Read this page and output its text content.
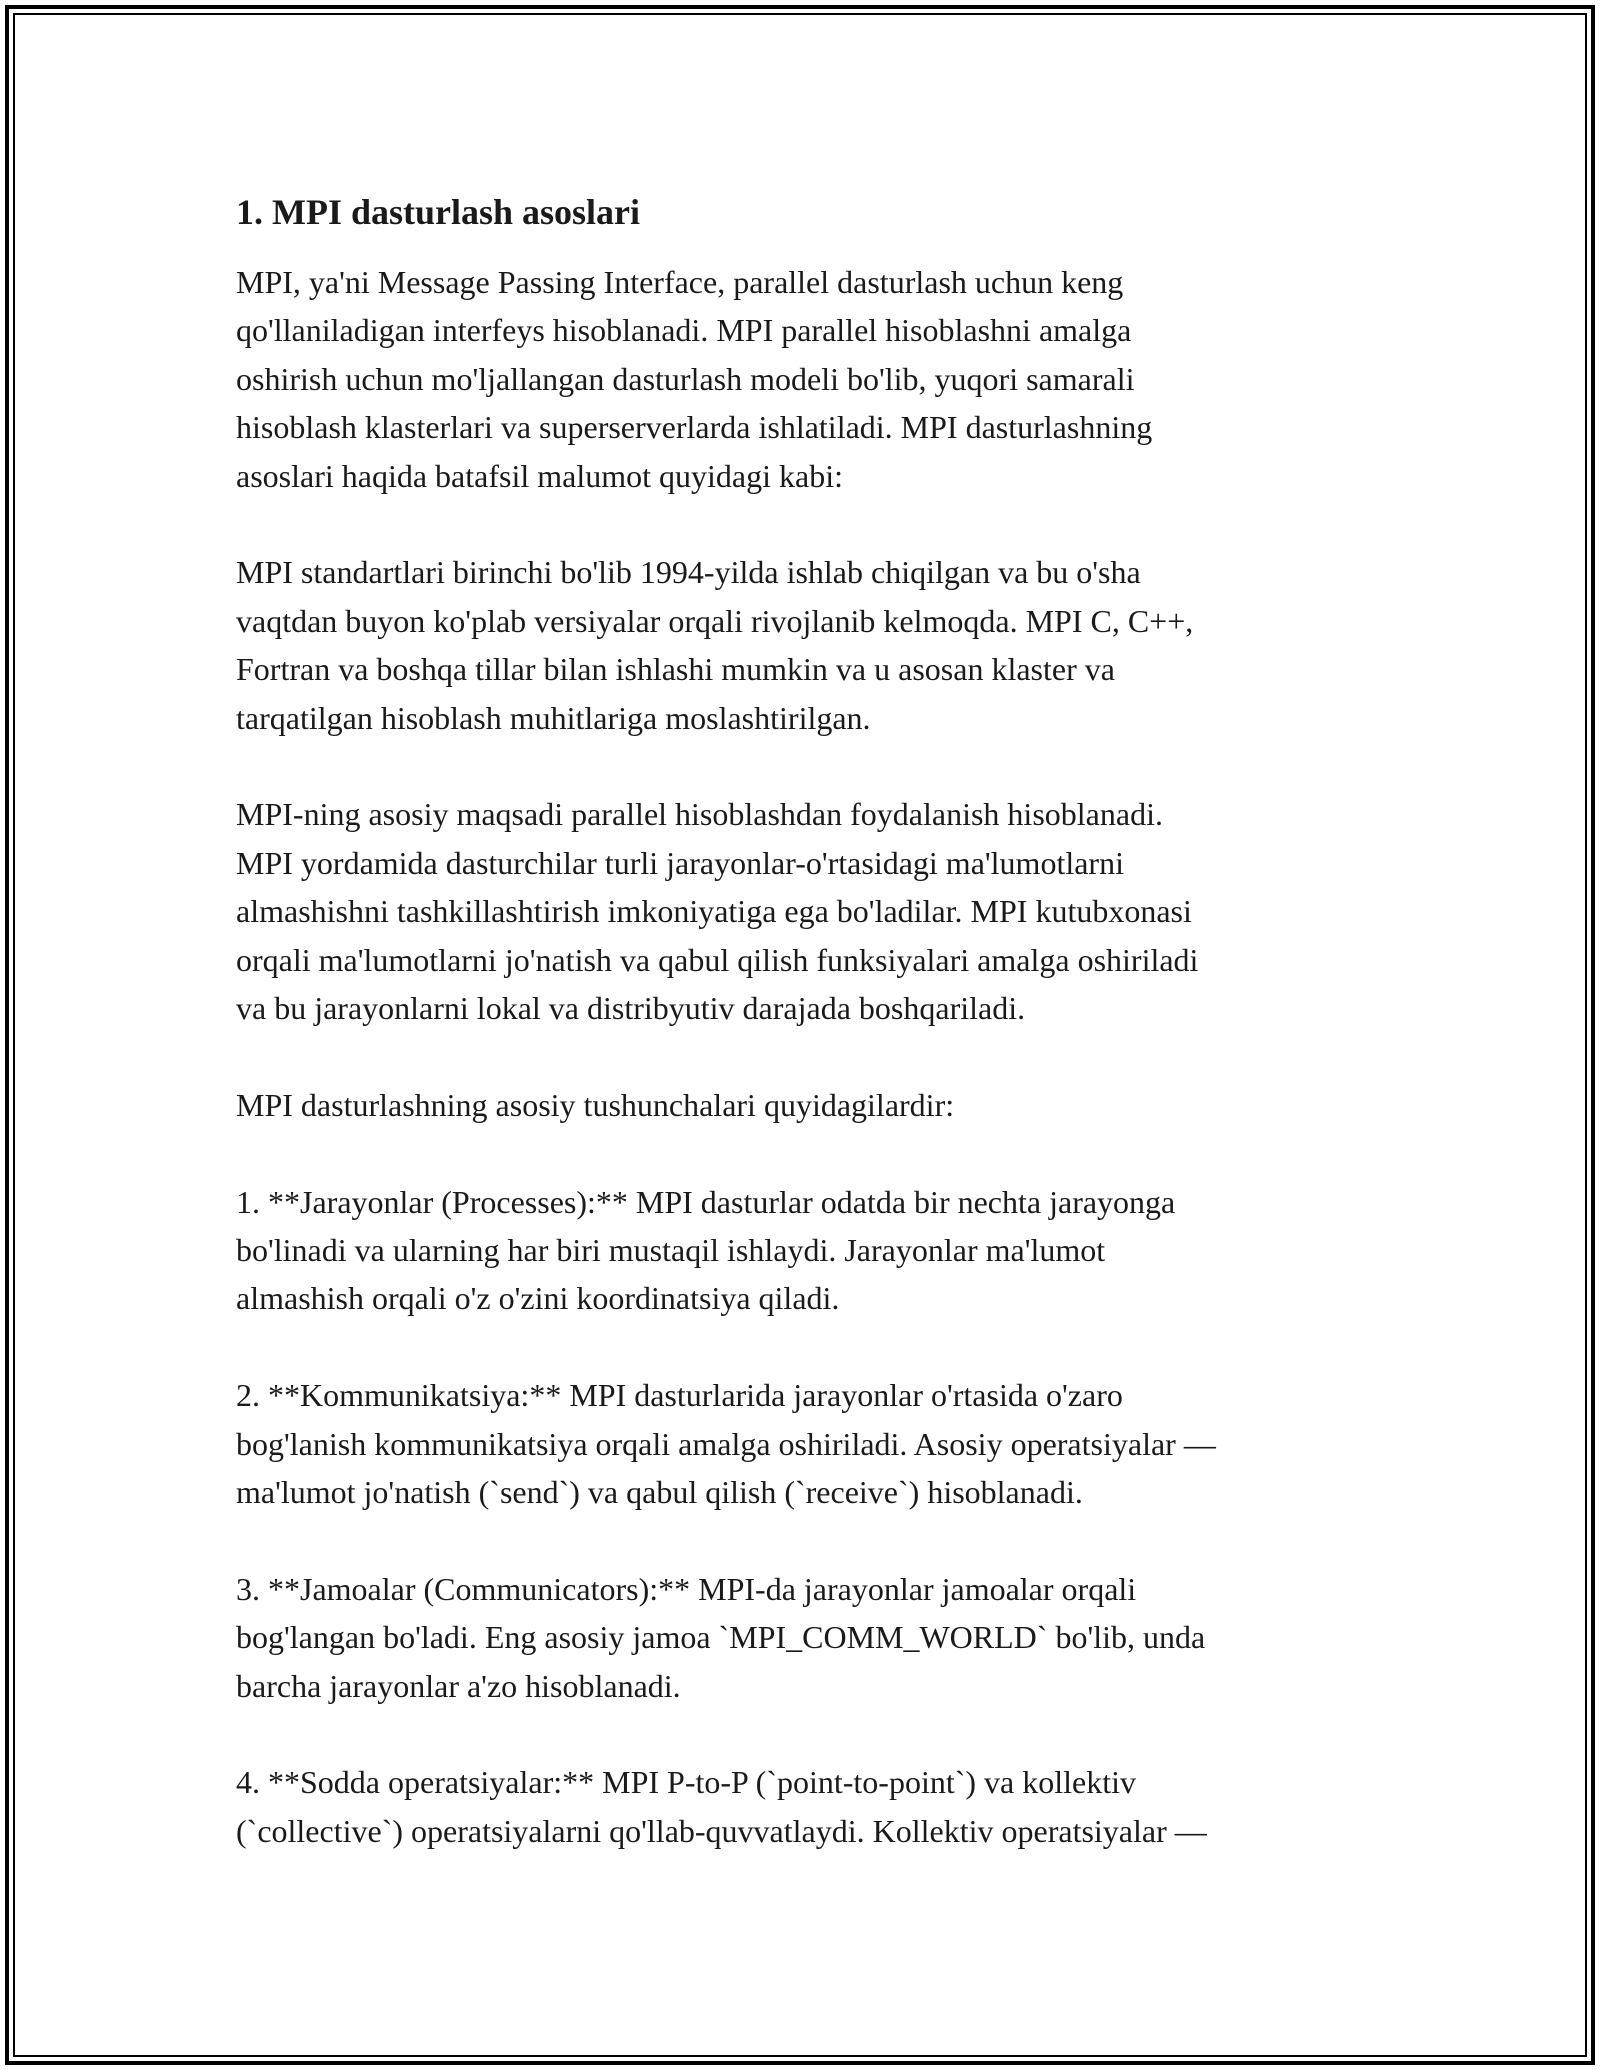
1. MPI dasturlash asoslari

MPI, ya'ni Message Passing Interface, parallel dasturlash uchun keng
qo'llaniladigan interfeys hisoblanadi. MPI parallel hisoblashni amalga
oshirish uchun mo'ljallangan dasturlash modeli bo'lib, yuqori samarali
hisoblash klasterlari va superserverlarda ishlatiladi. MPI dasturlashning
asoslari haqida batafsil malumot quyidagi kabi:

MPI standartlari birinchi bo'lib 1994-yilda ishlab chiqilgan va bu o'sha
vaqtdan buyon ko'plab versiyalar orqali rivojlanib kelmoqda. MPI C, C++,
Fortran va boshqa tillar bilan ishlashi mumkin va u asosan klaster va
tarqatilgan hisoblash muhitlariga moslashtirilgan.

MPI-ning asosiy maqsadi parallel hisoblashdan foydalanish hisoblanadi.
MPI yordamida dasturchilar turli jarayonlar-o'rtasidagi ma'lumotlarni
almashishni tashkillashtirish imkoniyatiga ega bo'ladilar. MPI kutubxonasi
orqali ma'lumotlarni jo'natish va qabul qilish funksiyalari amalga oshiriladi
va bu jarayonlarni lokal va distribyutiv darajada boshqariladi.

MPI dasturlashning asosiy tushunchalari quyidagilardir:

1. **Jarayonlar (Processes):** MPI dasturlar odatda bir nechta jarayonga
bo'linadi va ularning har biri mustaqil ishlaydi. Jarayonlar ma'lumot
almashish orqali o'z o'zini koordinatsiya qiladi.

2. **Kommunikatsiya:** MPI dasturlarida jarayonlar o'rtasida o'zaro
bog'lanish kommunikatsiya orqali amalga oshiriladi. Asosiy operatsiyalar —
ma'lumot jo'natish (`send`) va qabul qilish (`receive`) hisoblanadi.

3. **Jamoalar (Communicators):** MPI-da jarayonlar jamoalar orqali
bog'langan bo'ladi. Eng asosiy jamoa `MPI_COMM_WORLD` bo'lib, unda
barcha jarayonlar a'zo hisoblanadi.

4. **Sodda operatsiyalar:** MPI P-to-P (`point-to-point`) va kollektiv
(`collective`) operatsiyalarni qo'llab-quvvatlaydi. Kollektiv operatsiyalar —
